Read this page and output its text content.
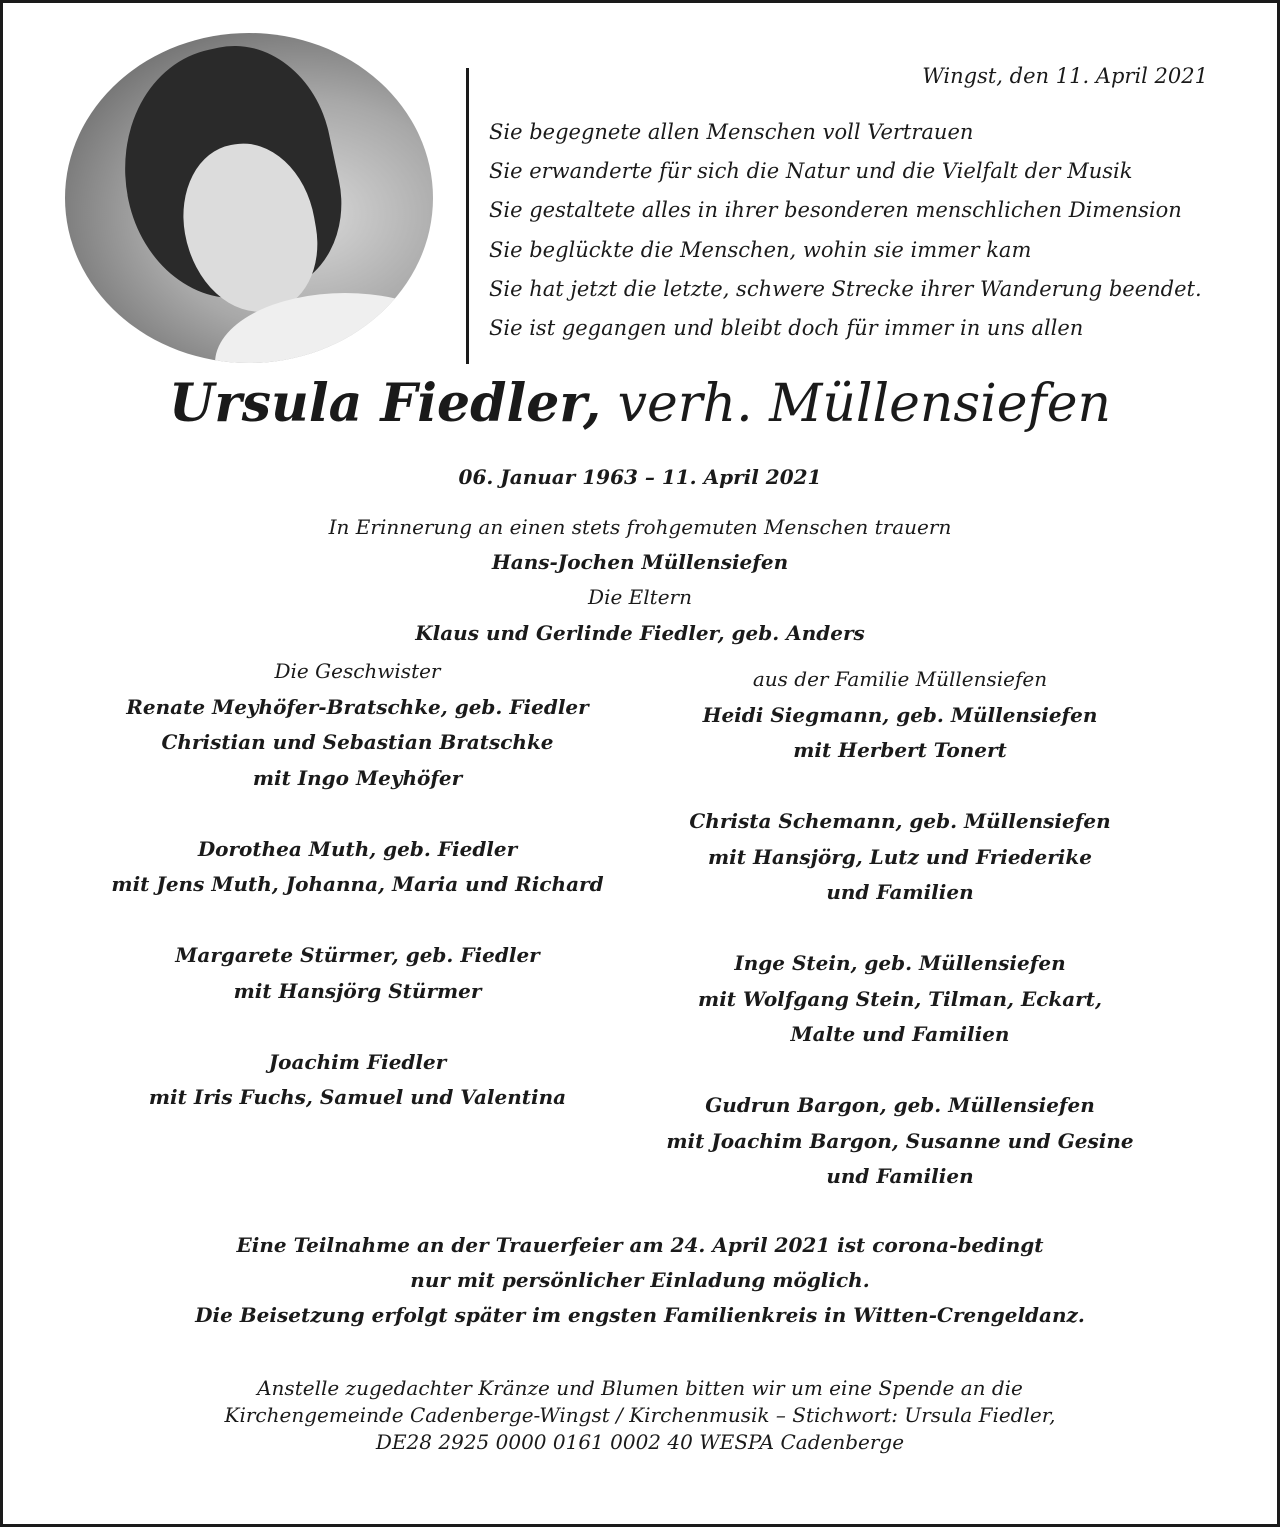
Wingst, den 11. April 2021
Sie begegnete allen Menschen voll Vertrauen
Sie erwanderte für sich die Natur und die Vielfalt der Musik
Sie gestaltete alles in ihrer besonderen menschlichen Dimension
Sie beglückte die Menschen, wohin sie immer kam
Sie hat jetzt die letzte, schwere Strecke ihrer Wanderung beendet.
Sie ist gegangen und bleibt doch für immer in uns allen
Ursula Fiedler, verh. Müllensiefen
06. Januar 1963 – 11. April 2021
In Erinnerung an einen stets frohgemuten Menschen trauern
Hans-Jochen Müllensiefen
Die Eltern
Klaus und Gerlinde Fiedler, geb. Anders
Die Geschwister
Renate Meyhöfer-Bratschke, geb. Fiedler
Christian und Sebastian Bratschke
mit Ingo Meyhöfer
Dorothea Muth, geb. Fiedler
mit Jens Muth, Johanna, Maria und Richard
Margarete Stürmer, geb. Fiedler
mit Hansjörg Stürmer
Joachim Fiedler
mit Iris Fuchs, Samuel und Valentina
aus der Familie Müllensiefen
Heidi Siegmann, geb. Müllensiefen
mit Herbert Tonert
Christa Schemann, geb. Müllensiefen
mit Hansjörg, Lutz und Friederike
und Familien
Inge Stein, geb. Müllensiefen
mit Wolfgang Stein, Tilman, Eckart,
Malte und Familien
Gudrun Bargon, geb. Müllensiefen
mit Joachim Bargon, Susanne und Gesine
und Familien
Eine Teilnahme an der Trauerfeier am 24. April 2021 ist corona-bedingt
nur mit persönlicher Einladung möglich.
Die Beisetzung erfolgt später im engsten Familienkreis in Witten-Crengeldanz.
Anstelle zugedachter Kränze und Blumen bitten wir um eine Spende an die
Kirchengemeinde Cadenberge-Wingst / Kirchenmusik – Stichwort: Ursula Fiedler,
DE28 2925 0000 0161 0002 40 WESPA Cadenberge
